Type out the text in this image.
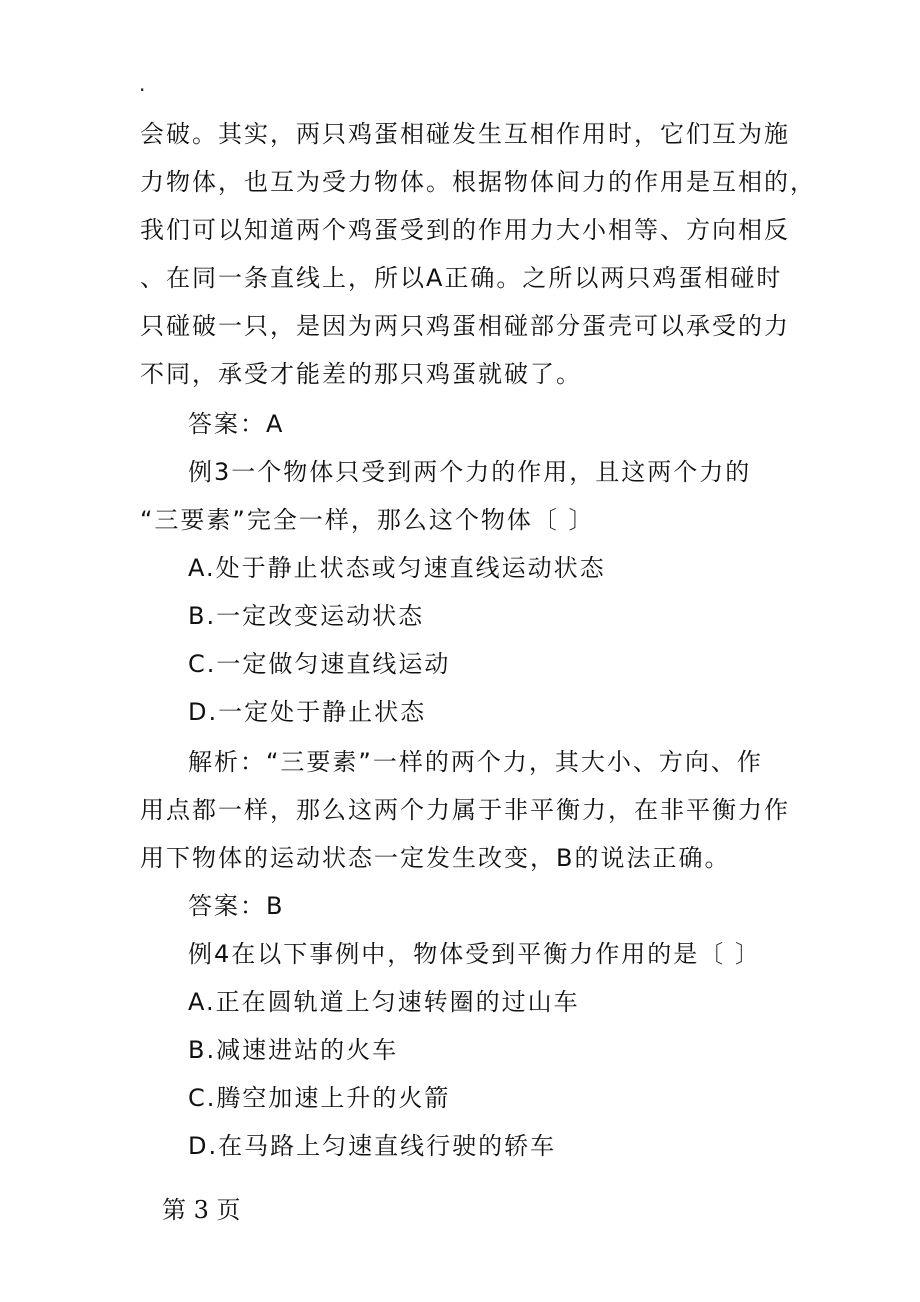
.
会破。其实，两只鸡蛋相碰发生互相作用时，它们互为施
力物体，也互为受力物体。根据物体间力的作用是互相的，
我们可以知道两个鸡蛋受到的作用力大小相等、方向相反
、在同一条直线上，所以A正确。之所以两只鸡蛋相碰时
只碰破一只，是因为两只鸡蛋相碰部分蛋壳可以承受的力
不同，承受才能差的那只鸡蛋就破了。
答案：A
例3一个物体只受到两个力的作用，且这两个力的
“三要素”完全一样，那么这个物体〔 〕
A.处于静止状态或匀速直线运动状态
B.一定改变运动状态
C.一定做匀速直线运动
D.一定处于静止状态
解析：“三要素”一样的两个力，其大小、方向、作
用点都一样，那么这两个力属于非平衡力，在非平衡力作
用下物体的运动状态一定发生改变，B的说法正确。
答案：B
例4在以下事例中，物体受到平衡力作用的是〔 〕
A.正在圆轨道上匀速转圈的过山车
B.减速进站的火车
C.腾空加速上升的火箭
D.在马路上匀速直线行驶的轿车
第 3 页
